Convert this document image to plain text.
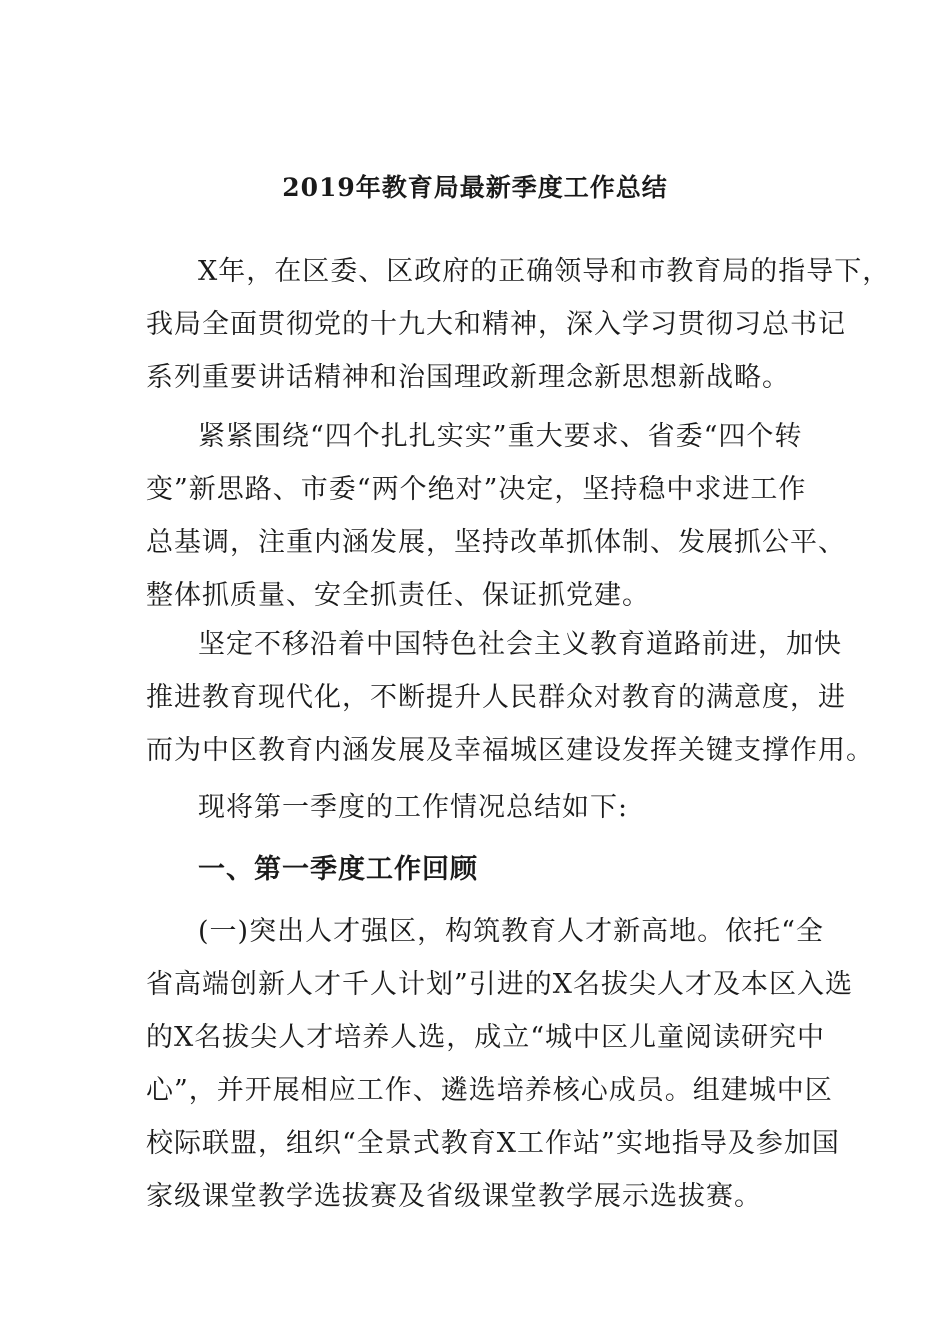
2019年教育局最新季度工作总结
X年，在区委、区政府的正确领导和市教育局的指导下，
我局全面贯彻党的十九大和精神，深入学习贯彻习总书记
系列重要讲话精神和治国理政新理念新思想新战略。
紧紧围绕“四个扎扎实实”重大要求、省委“四个转
变”新思路、市委“两个绝对”决定，坚持稳中求进工作
总基调，注重内涵发展，坚持改革抓体制、发展抓公平、
整体抓质量、安全抓责任、保证抓党建。
坚定不移沿着中国特色社会主义教育道路前进，加快
推进教育现代化，不断提升人民群众对教育的满意度，进
而为中区教育内涵发展及幸福城区建设发挥关键支撑作用。
现将第一季度的工作情况总结如下:
一、第一季度工作回顾
(一)突出人才强区，构筑教育人才新高地。依托“全
省高端创新人才千人计划”引进的X名拔尖人才及本区入选
的X名拔尖人才培养人选，成立“城中区儿童阅读研究中
心”，并开展相应工作、遴选培养核心成员。组建城中区
校际联盟，组织“全景式教育X工作站”实地指导及参加国
家级课堂教学选拔赛及省级课堂教学展示选拔赛。
